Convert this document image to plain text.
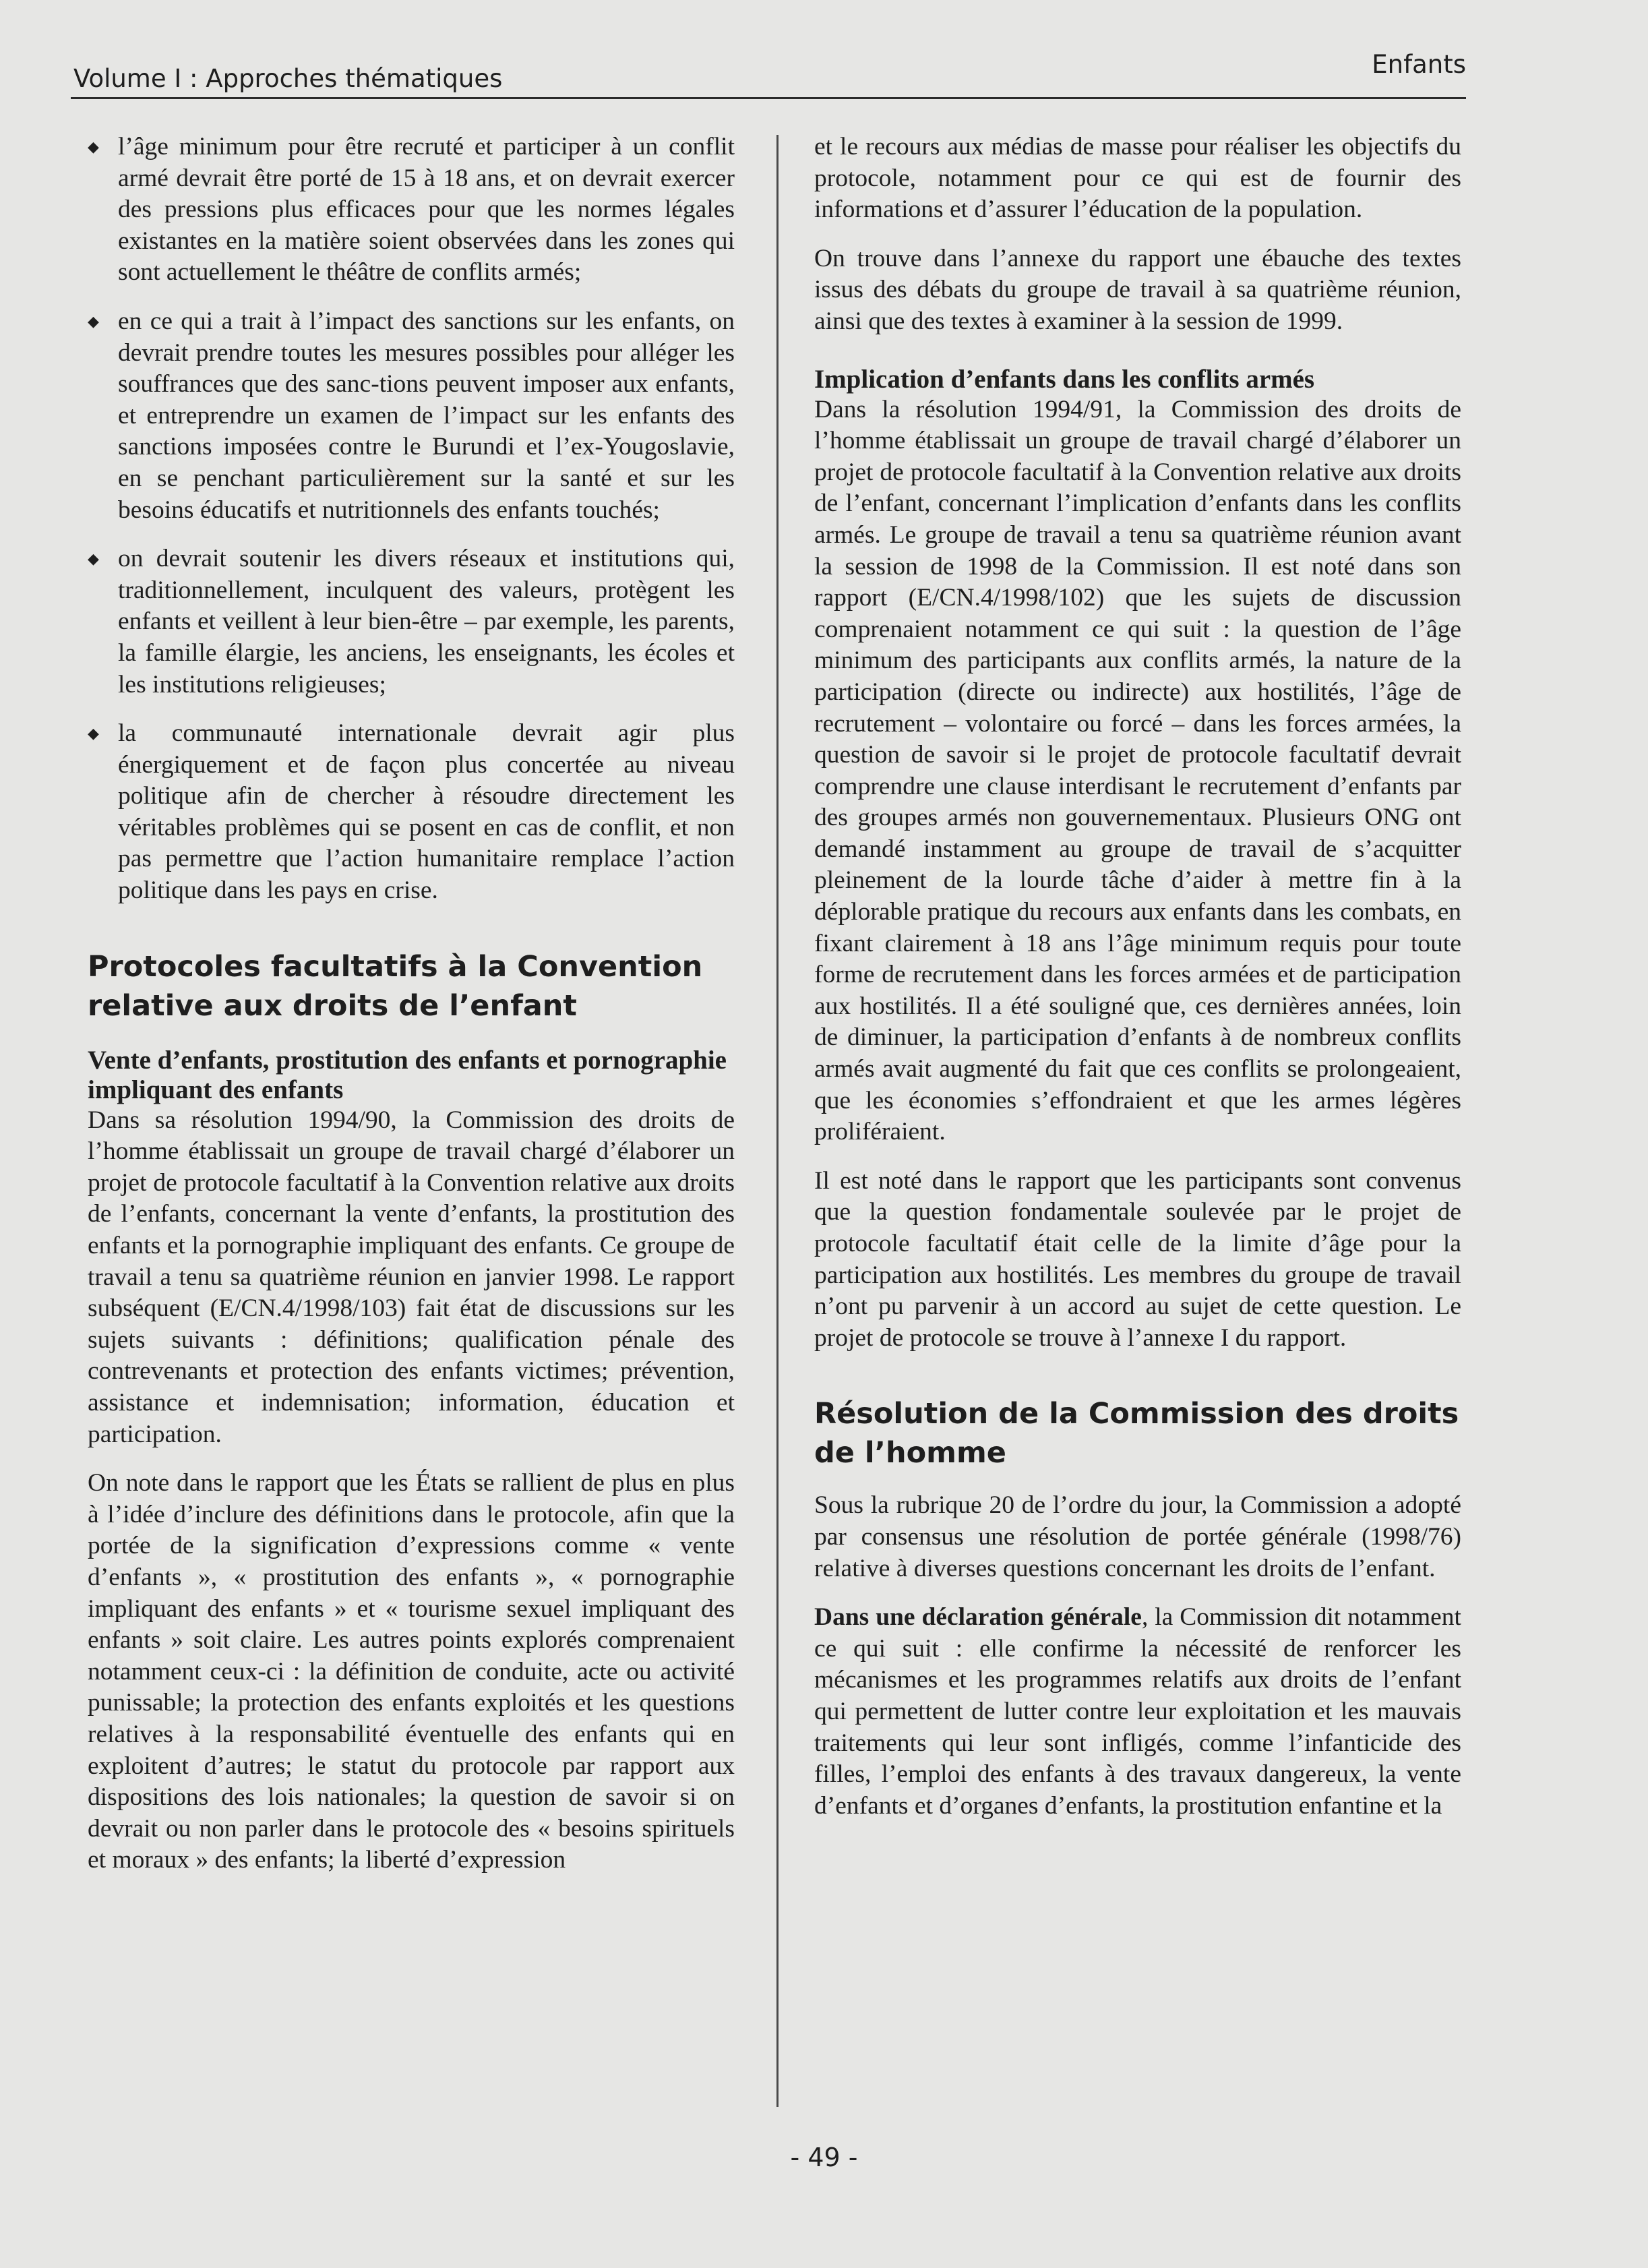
Volume I : Approches thématiques	Enfants
◆ l’âge minimum pour être recruté et participer à un conflit armé devrait être porté de 15 à 18 ans, et on devrait exercer des pressions plus efficaces pour que les normes légales existantes en la matière soient observées dans les zones qui sont actuellement le théâtre de conflits armés;
◆ en ce qui a trait à l’impact des sanctions sur les enfants, on devrait prendre toutes les mesures possibles pour alléger les souffrances que des sanc-tions peuvent imposer aux enfants, et entreprendre un examen de l’impact sur les enfants des sanctions imposées contre le Burundi et l’ex-Yougoslavie, en se penchant particulièrement sur la santé et sur les besoins éducatifs et nutritionnels des enfants touchés;
◆ on devrait soutenir les divers réseaux et institutions qui, traditionnellement, inculquent des valeurs, protègent les enfants et veillent à leur bien-être – par exemple, les parents, la famille élargie, les anciens, les enseignants, les écoles et les institutions religieuses;
◆ la communauté internationale devrait agir plus énergiquement et de façon plus concertée au niveau politique afin de chercher à résoudre directement les véritables problèmes qui se posent en cas de conflit, et non pas permettre que l’action humanitaire remplace l’action politique dans les pays en crise.
Protocoles facultatifs à la Convention relative aux droits de l’enfant
Vente d’enfants, prostitution des enfants et pornographie impliquant des enfants

Dans sa résolution 1994/90, la Commission des droits de l’homme établissait un groupe de travail chargé d’élaborer un projet de protocole facultatif à la Convention relative aux droits de l’enfants, concernant la vente d’enfants, la prostitution des enfants et la pornographie impliquant des enfants. Ce groupe de travail a tenu sa quatrième réunion en janvier 1998. Le rapport subséquent (E/CN.4/1998/103) fait état de discussions sur les sujets suivants : définitions; qualification pénale des contrevenants et protection des enfants victimes; prévention, assistance et indemnisation; information, éducation et participation.

On note dans le rapport que les États se rallient de plus en plus à l’idée d’inclure des définitions dans le protocole, afin que la portée de la signification d’expressions comme « vente d’enfants », « prostitution des enfants », « pornographie impliquant des enfants » et « tourisme sexuel impliquant des enfants » soit claire. Les autres points explorés comprenaient notamment ceux-ci : la définition de conduite, acte ou activité punissable; la protection des enfants exploités et les questions relatives à la responsabilité éventuelle des enfants qui en exploitent d’autres; le statut du protocole par rapport aux dispositions des lois nationales; la question de savoir si on devrait ou non parler dans le protocole des « besoins spirituels et moraux » des enfants; la liberté d’expression

et le recours aux médias de masse pour réaliser les objectifs du protocole, notamment pour ce qui est de fournir des informations et d’assurer l’éducation de la population.

On trouve dans l’annexe du rapport une ébauche des textes issus des débats du groupe de travail à sa quatrième réunion, ainsi que des textes à examiner à la session de 1999.

Implication d’enfants dans les conflits armés

Dans la résolution 1994/91, la Commission des droits de l’homme établissait un groupe de travail chargé d’élaborer un projet de protocole facultatif à la Convention relative aux droits de l’enfant, concernant l’implication d’enfants dans les conflits armés. Le groupe de travail a tenu sa quatrième réunion avant la session de 1998 de la Commission. Il est noté dans son rapport (E/CN.4/1998/102) que les sujets de discussion comprenaient notamment ce qui suit : la question de l’âge minimum des participants aux conflits armés, la nature de la participation (directe ou indirecte) aux hostilités, l’âge de recrutement – volontaire ou forcé – dans les forces armées, la question de savoir si le projet de protocole facultatif devrait comprendre une clause interdisant le recrutement d’enfants par des groupes armés non gouvernementaux. Plusieurs ONG ont demandé instamment au groupe de travail de s’acquitter pleinement de la lourde tâche d’aider à mettre fin à la déplorable pratique du recours aux enfants dans les combats, en fixant clairement à 18 ans l’âge minimum requis pour toute forme de recrutement dans les forces armées et de participation aux hostilités. Il a été souligné que, ces dernières années, loin de diminuer, la participation d’enfants à de nombreux conflits armés avait augmenté du fait que ces conflits se prolongeaient, que les économies s’effondraient et que les armes légères proliféraient.

Il est noté dans le rapport que les participants sont convenus que la question fondamentale soulevée par le projet de protocole facultatif était celle de la limite d’âge pour la participation aux hostilités. Les membres du groupe de travail n’ont pu parvenir à un accord au sujet de cette question. Le projet de protocole se trouve à l’annexe I du rapport.

Résolution de la Commission des droits de l’homme

Sous la rubrique 20 de l’ordre du jour, la Commission a adopté par consensus une résolution de portée générale (1998/76) relative à diverses questions concernant les droits de l’enfant.

Dans une déclaration générale, la Commission dit notamment ce qui suit : elle confirme la nécessité de renforcer les mécanismes et les programmes relatifs aux droits de l’enfant qui permettent de lutter contre leur exploitation et les mauvais traitements qui leur sont infligés, comme l’infanticide des filles, l’emploi des enfants à des travaux dangereux, la vente d’enfants et d’organes d’enfants, la prostitution enfantine et la

- 49 -
